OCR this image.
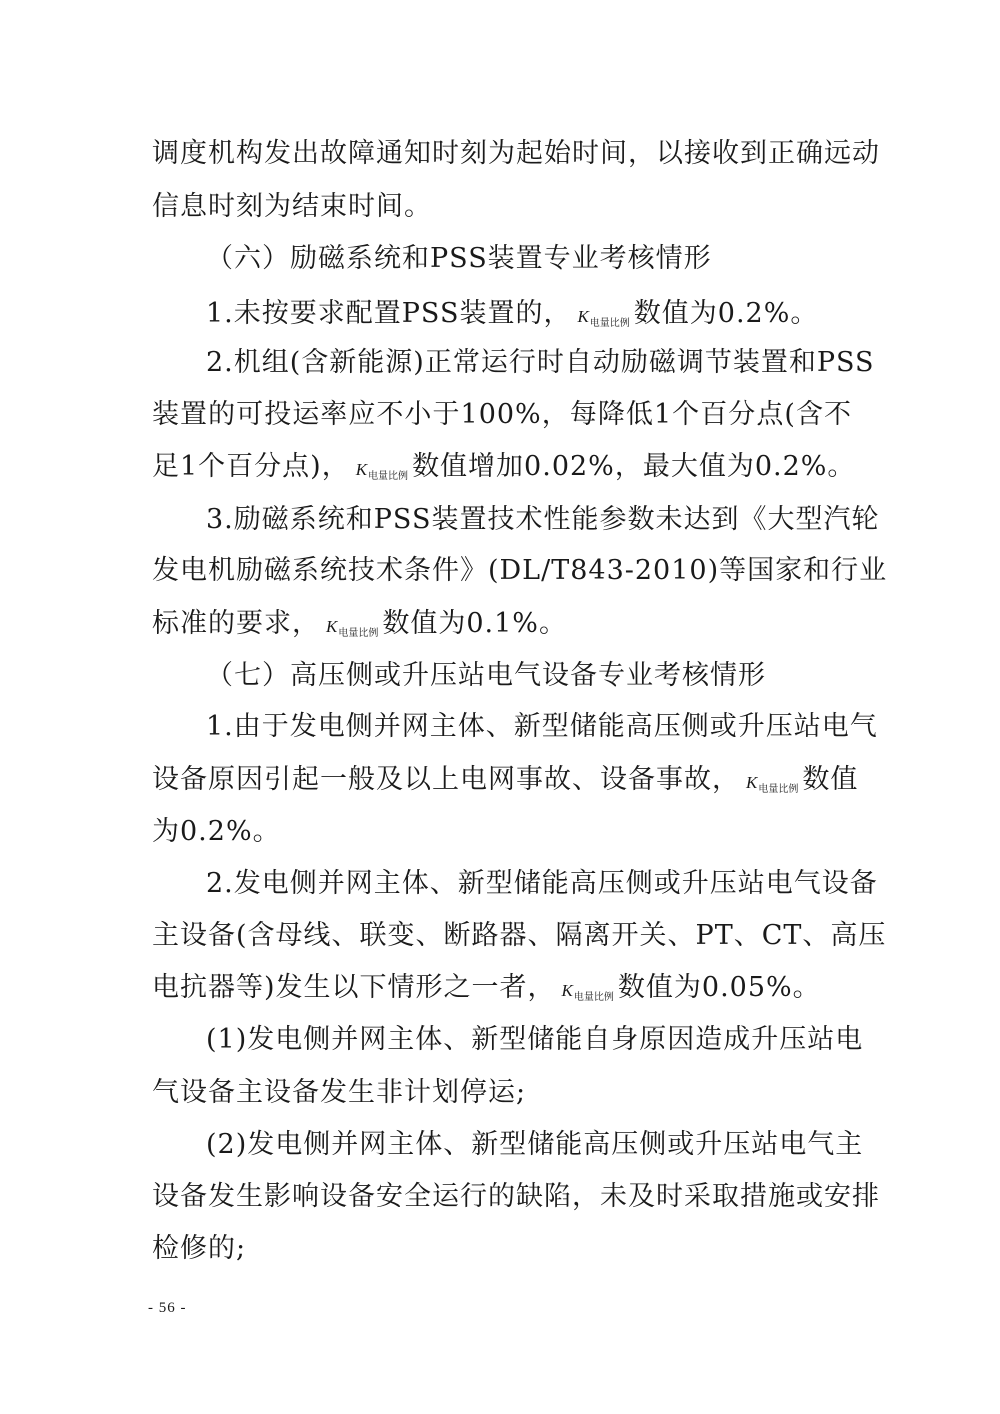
调度机构发出故障通知时刻为起始时间，以接收到正确远动
信息时刻为结束时间。
（六）励磁系统和PSS装置专业考核情形
1.未按要求配置PSS装置的， $K_{电量比例}$ 数值为0.2%。
2.机组(含新能源)正常运行时自动励磁调节装置和PSS
装置的可投运率应不小于100%，每降低1个百分点(含不
足1个百分点)， $K_{电量比例}$ 数值增加0.02%，最大值为0.2%。
3.励磁系统和PSS装置技术性能参数未达到《大型汽轮
发电机励磁系统技术条件》(DL/T843-2010)等国家和行业
标准的要求， $K_{电量比例}$ 数值为0.1%。
（七）高压侧或升压站电气设备专业考核情形
1.由于发电侧并网主体、新型储能高压侧或升压站电气
设备原因引起一般及以上电网事故、设备事故， $K_{电量比例}$ 数值
为0.2%。
2.发电侧并网主体、新型储能高压侧或升压站电气设备
主设备(含母线、联变、断路器、隔离开关、PT、CT、高压
电抗器等)发生以下情形之一者， $K_{电量比例}$ 数值为0.05%。
(1)发电侧并网主体、新型储能自身原因造成升压站电
气设备主设备发生非计划停运;
(2)发电侧并网主体、新型储能高压侧或升压站电气主
设备发生影响设备安全运行的缺陷，未及时采取措施或安排
检修的;
- 56 -
